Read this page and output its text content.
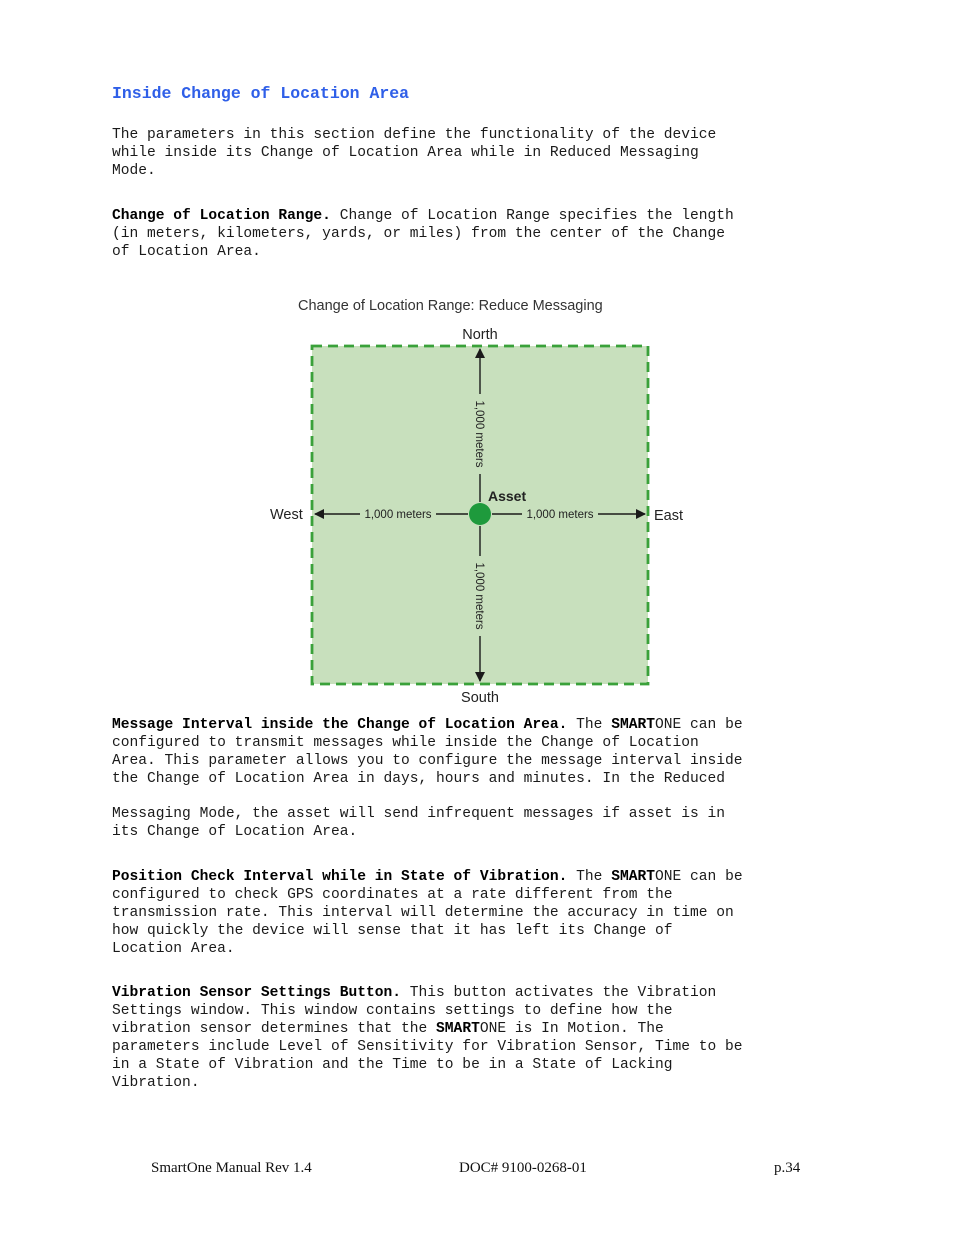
Inside Change of Location Area

The parameters in this section define the functionality of the device
while inside its Change of Location Area while in Reduced Messaging
Mode.

Change of Location Range. Change of Location Range specifies the length
(in meters, kilometers, yards, or miles) from the center of the Change
of Location Area.

Change of Location Range: Reduce Messaging
North
South
West	East
1,000 meters	1,000 meters
1,000 meters
1,000 meters
Asset

Message Interval inside the Change of Location Area. The SMARTONE can be
configured to transmit messages while inside the Change of Location
Area. This parameter allows you to configure the message interval inside
the Change of Location Area in days, hours and minutes. In the Reduced

Messaging Mode, the asset will send infrequent messages if asset is in
its Change of Location Area.

Position Check Interval while in State of Vibration. The SMARTONE can be
configured to check GPS coordinates at a rate different from the
transmission rate. This interval will determine the accuracy in time on
how quickly the device will sense that it has left its Change of
Location Area.

Vibration Sensor Settings Button. This button activates the Vibration
Settings window. This window contains settings to define how the
vibration sensor determines that the SMARTONE is In Motion. The
parameters include Level of Sensitivity for Vibration Sensor, Time to be
in a State of Vibration and the Time to be in a State of Lacking
Vibration.

SmartOne Manual Rev 1.4	DOC# 9100-0268-01	p.34
